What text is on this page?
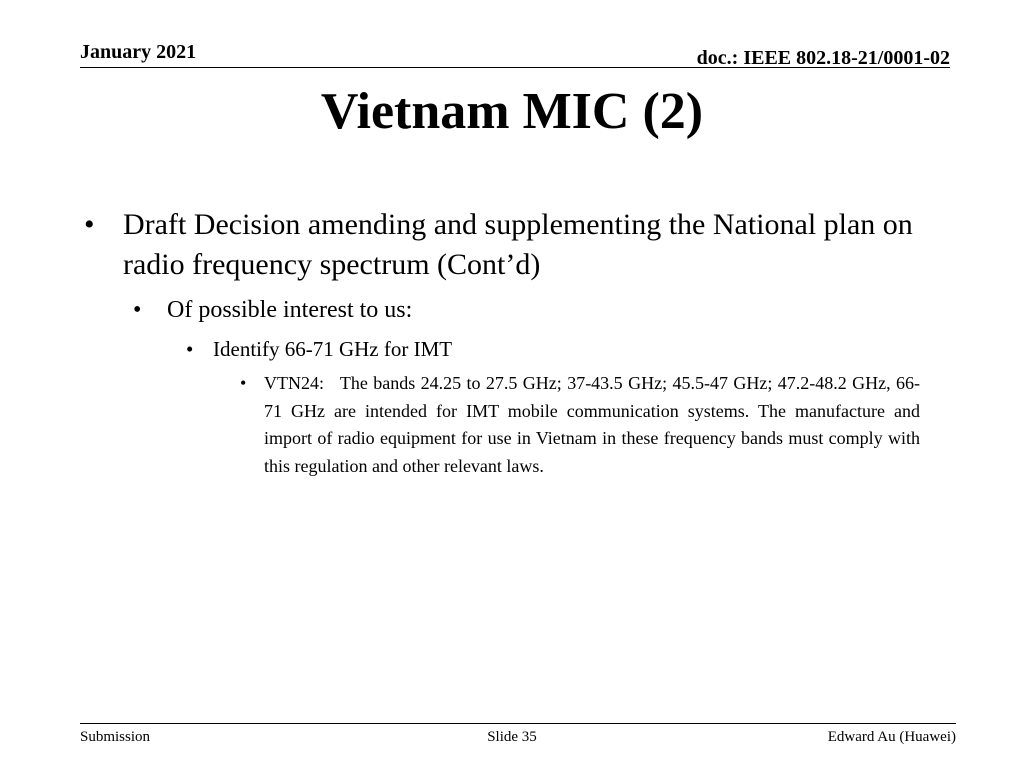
January 2021	doc.: IEEE 802.18-21/0001-02
Vietnam MIC (2)
• Draft Decision amending and supplementing the National plan on radio frequency spectrum (Cont’d)
• Of possible interest to us:
• Identify 66-71 GHz for IMT
• VTN24:   The bands 24.25 to 27.5 GHz; 37-43.5 GHz; 45.5-47 GHz; 47.2-48.2 GHz, 66-71 GHz are intended for IMT mobile communication systems. The manufacture and import of radio equipment for use in Vietnam in these frequency bands must comply with this regulation and other relevant laws.
Submission	Slide 35	Edward Au (Huawei)
